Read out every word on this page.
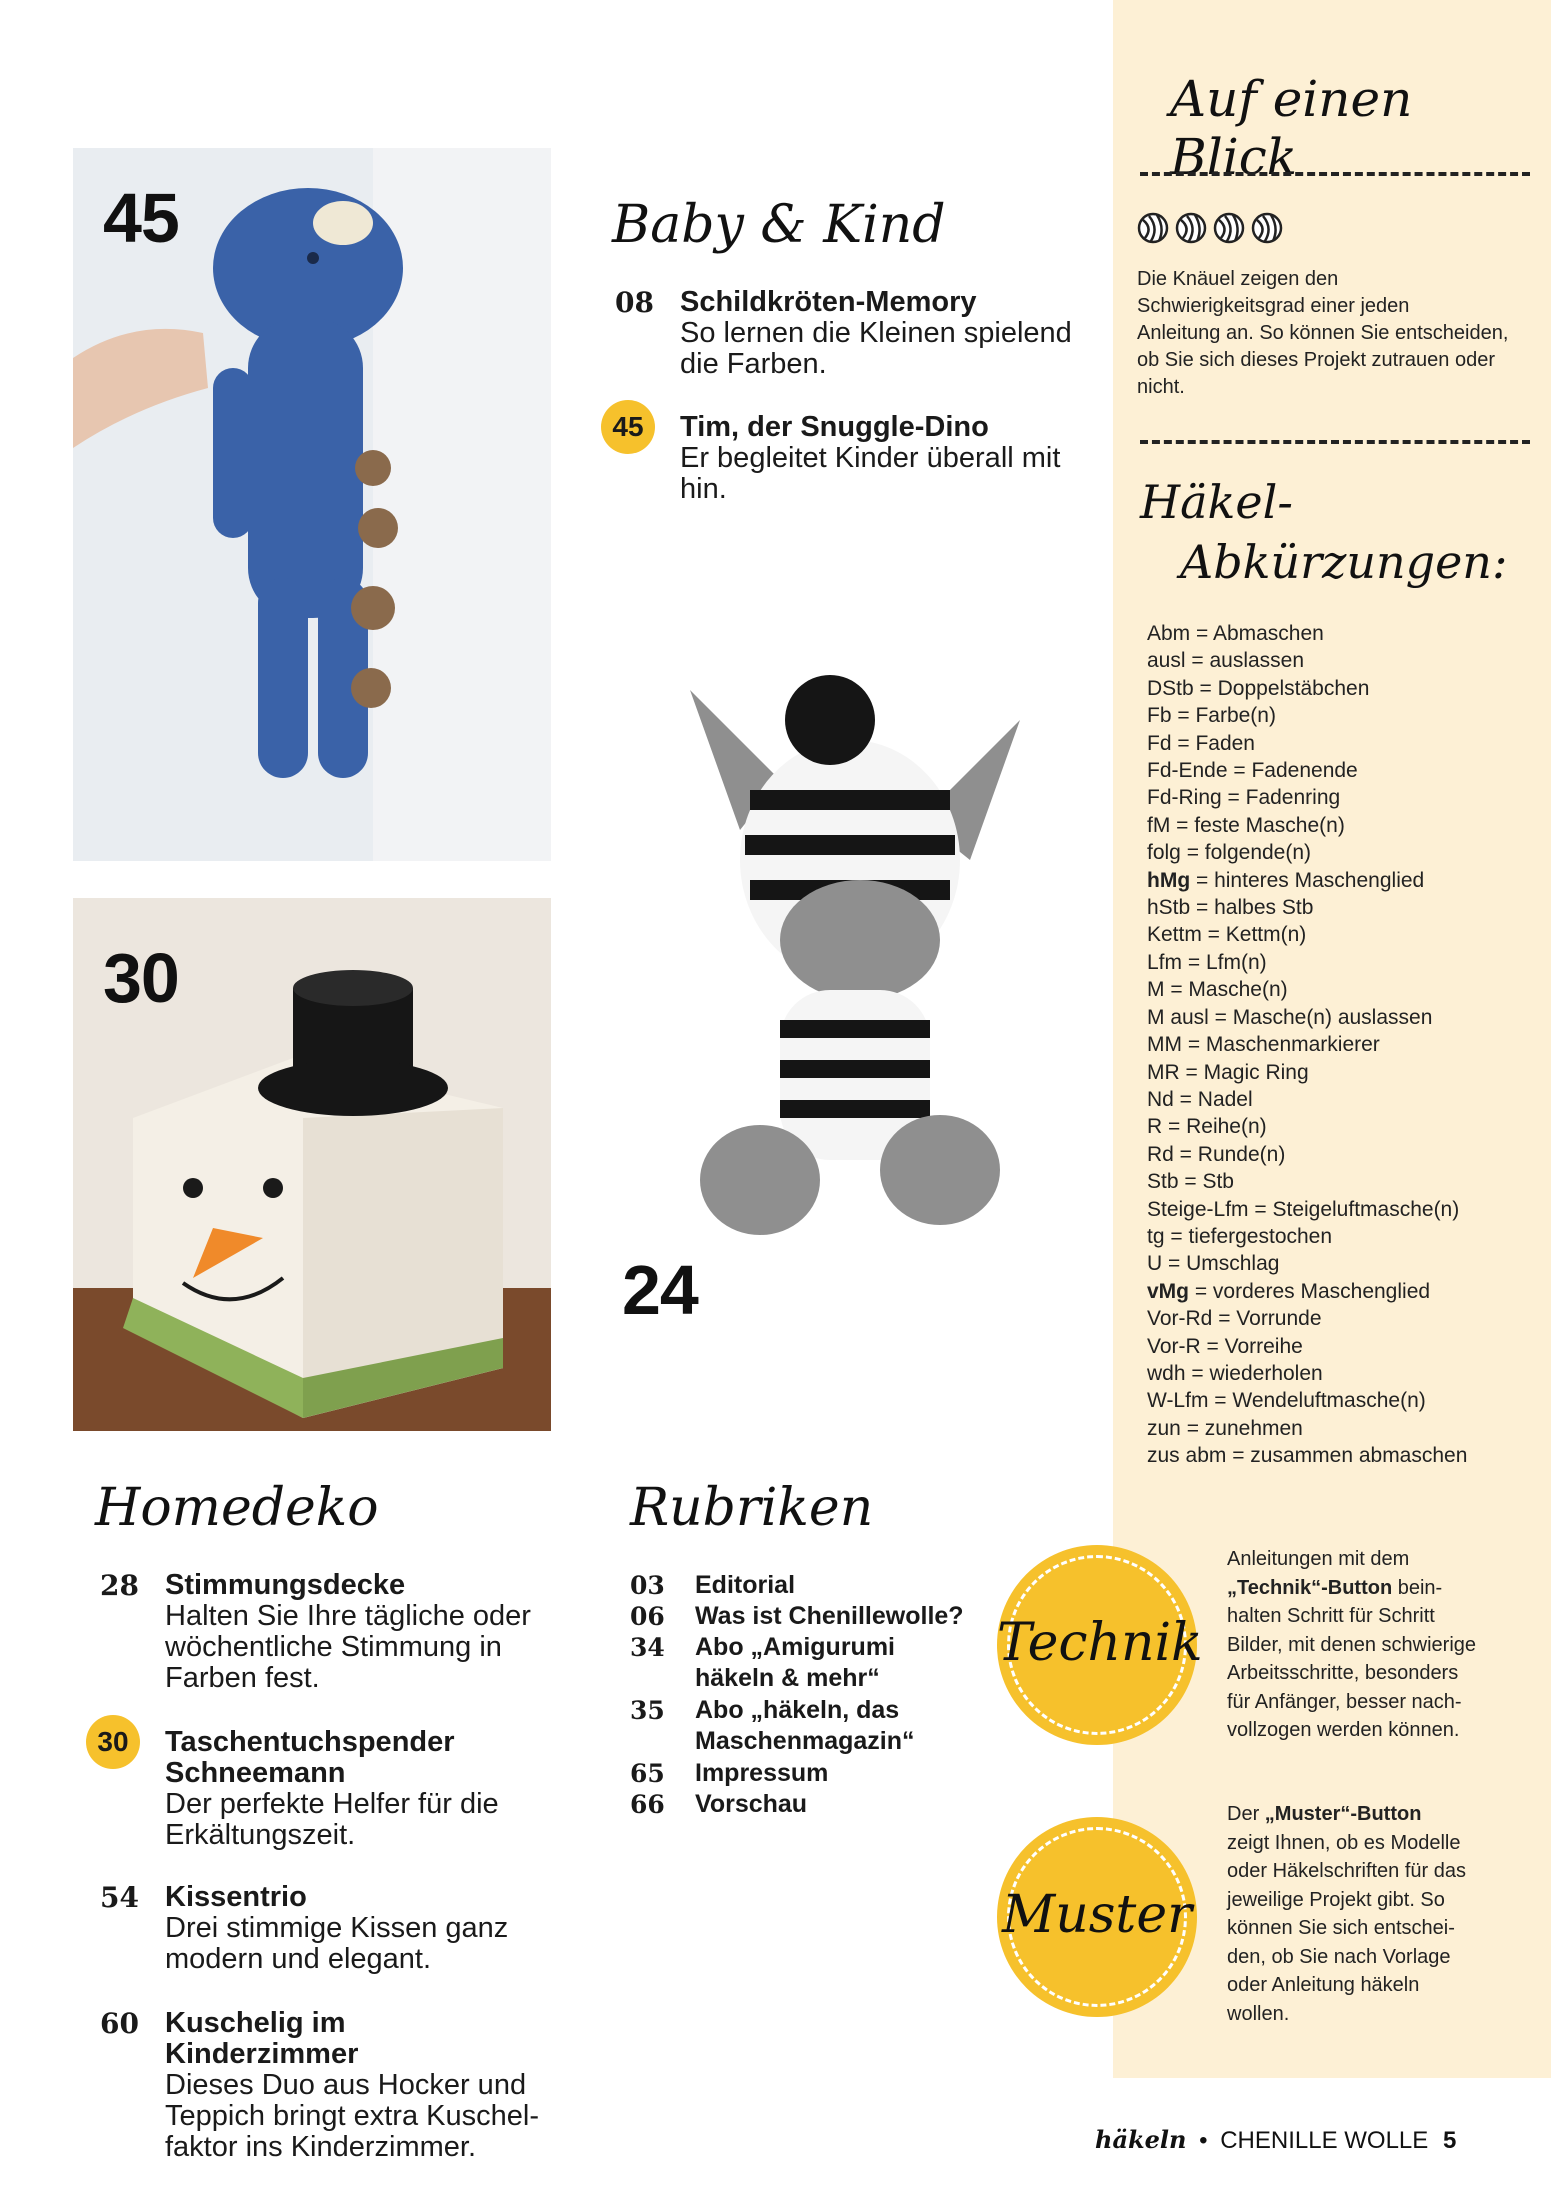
45
30
24
Baby & Kind
08 Schildkröten-Memory
So lernen die Kleinen spielend die Farben.
45	Tim, der Snuggle-Dino
Er begleitet Kinder überall mit hin.
Homedeko
28 Stimmungsdecke
Halten Sie Ihre tägliche oder wöchentliche Stimmung in Farben fest.
30	Taschentuchspender Schneemann
Der perfekte Helfer für die Erkältungszeit.
54 Kissentrio
Drei stimmige Kissen ganz modern und elegant.
60 Kuschelig im Kinderzimmer
Dieses Duo aus Hocker und Teppich bringt extra Kuschel-faktor ins Kinderzimmer.
Rubriken
03 Editorial
06 Was ist Chenillewolle?
34 Abo „Amigurumi
häkeln & mehr“
35 Abo „häkeln, das
Maschenmagazin“
65 Impressum
66 Vorschau
Auf einen Blick
Die Knäuel zeigen den
Schwierigkeitsgrad einer jeden
Anleitung an. So können Sie entscheiden,
ob Sie sich dieses Projekt zutrauen oder
nicht.
Häkel-
Abkürzungen:
Abm = Abmaschen
ausl = auslassen
DStb = Doppelstäbchen
Fb = Farbe(n)
Fd = Faden
Fd-Ende = Fadenende
Fd-Ring = Fadenring
fM = feste Masche(n)
folg = folgende(n)
hMg = hinteres Maschenglied
hStb = halbes Stb
Kettm = Kettm(n)
Lfm = Lfm(n)
M = Masche(n)
M ausl = Masche(n) auslassen
MM = Maschenmarkierer
MR = Magic Ring
Nd = Nadel
R = Reihe(n)
Rd = Runde(n)
Stb = Stb
Steige-Lfm = Steigeluftmasche(n)
tg = tiefergestochen
U = Umschlag
vMg = vorderes Maschenglied
Vor-Rd = Vorrunde
Vor-R = Vorreihe
wdh = wiederholen
W-Lfm = Wendeluftmasche(n)
zun = zunehmen
zus abm = zusammen abmaschen
Technik
Anleitungen mit dem
„Technik“-Button bein-
halten Schritt für Schritt
Bilder, mit denen schwierige
Arbeitsschritte, besonders
für Anfänger, besser nach-
vollzogen werden können.
Muster
Der „Muster“-Button
zeigt Ihnen, ob es Modelle
oder Häkelschriften für das
jeweilige Projekt gibt. So
können Sie sich entschei-
den, ob Sie nach Vorlage
oder Anleitung häkeln
wollen.
häkeln • CHENILLE WOLLE 5
